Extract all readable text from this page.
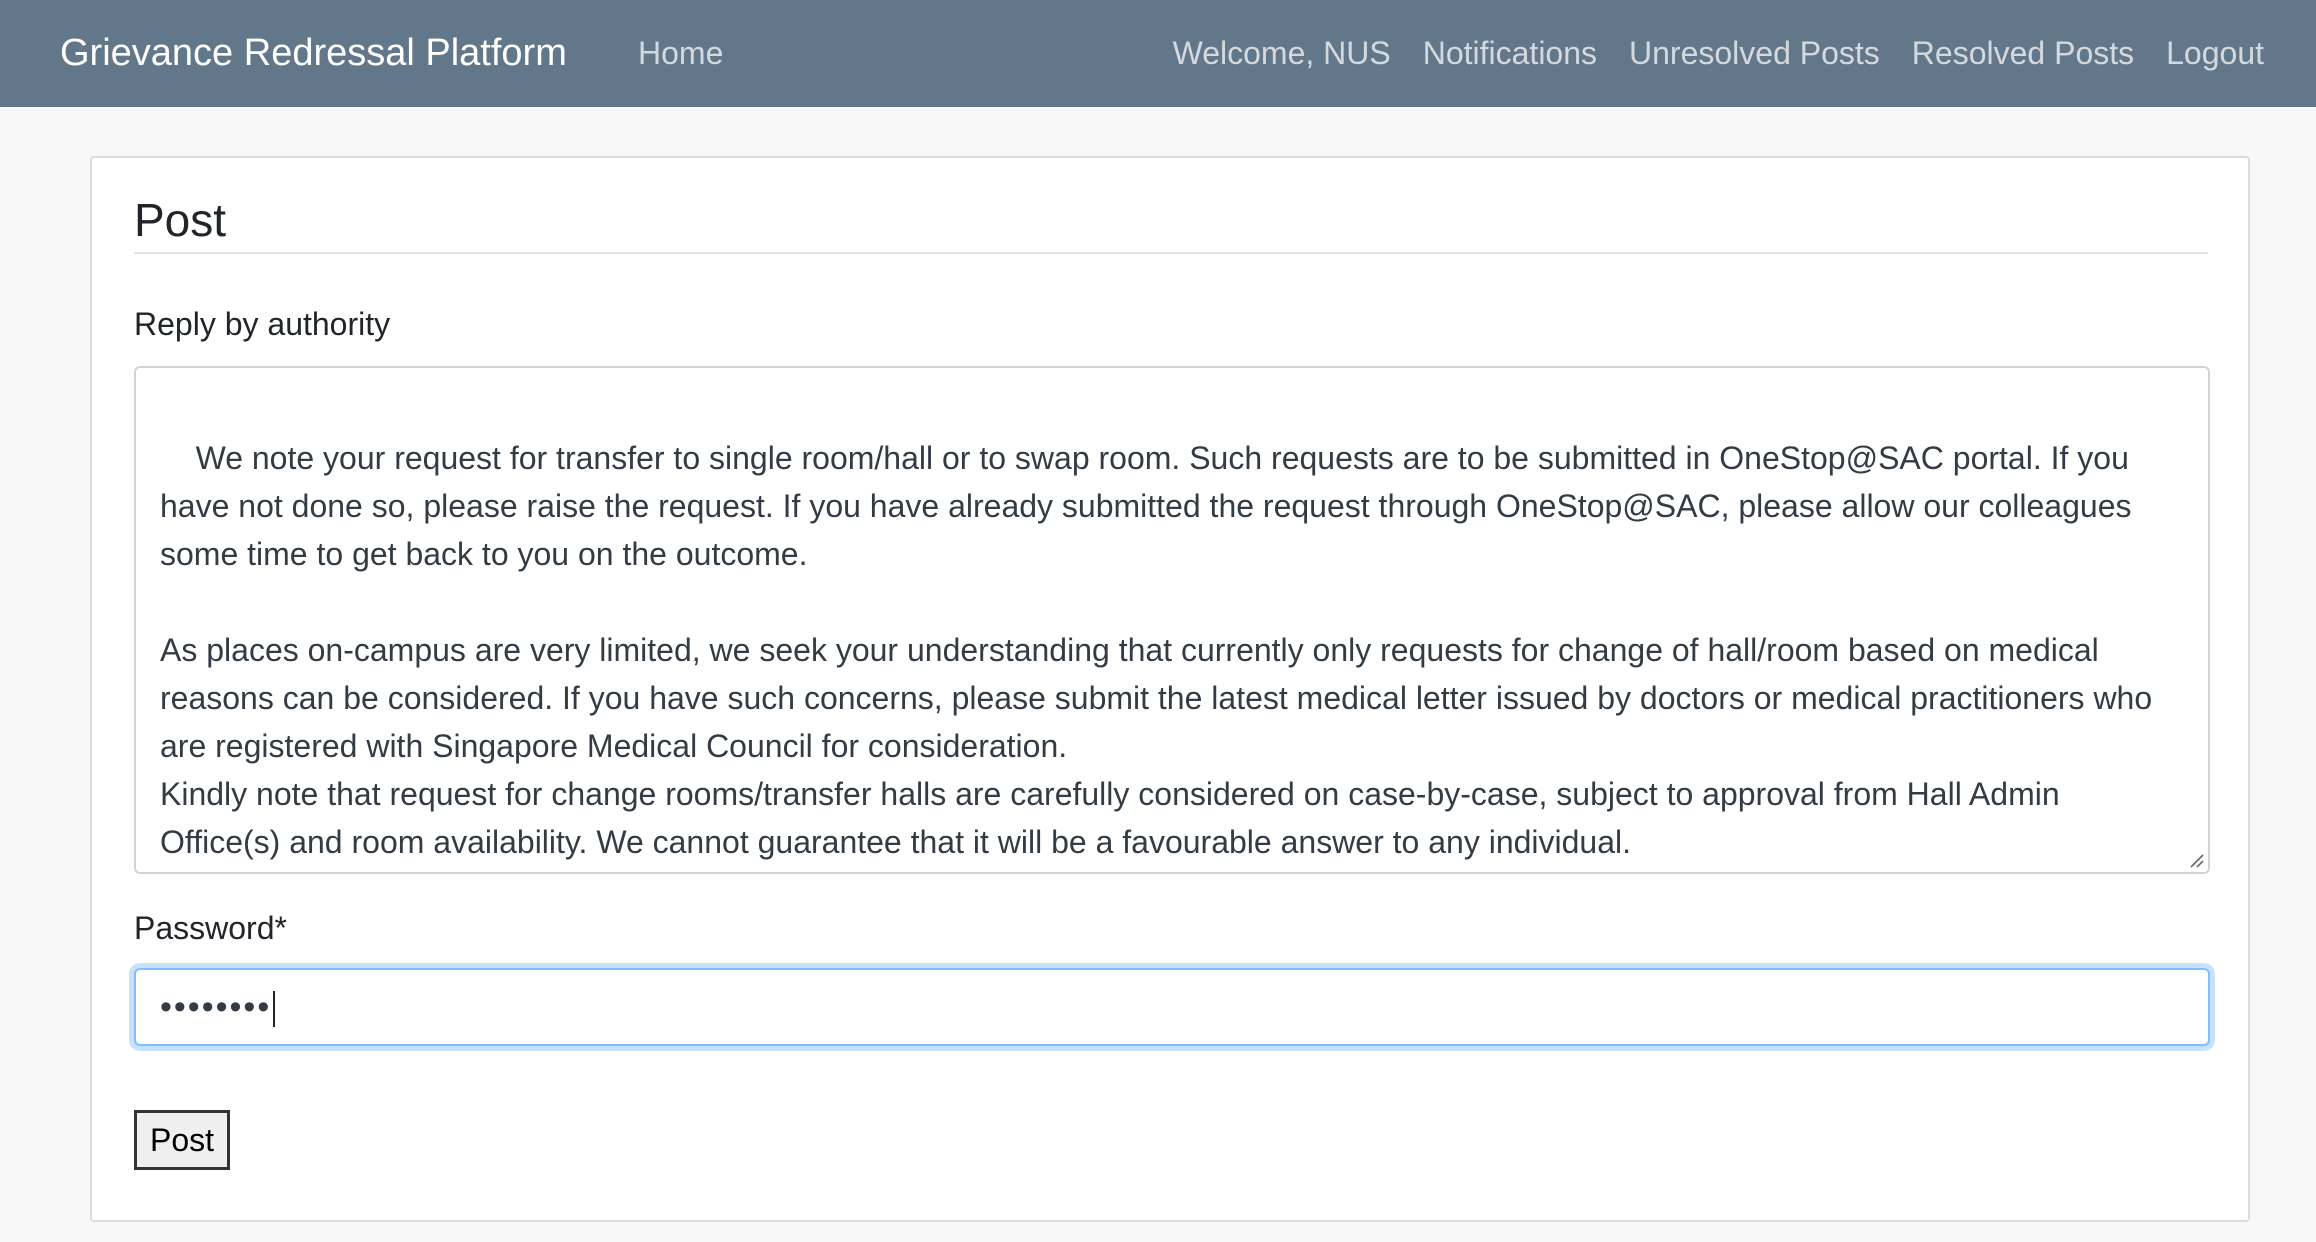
Grievance Redressal Platform Home	Welcome, NUS Notifications Unresolved Posts Resolved Posts Logout
Post
Reply by authority

We note your request for transfer to single room/hall or to swap room. Such requests are to be submitted in OneStop@SAC portal. If you have not done so, please raise the request. If you have already submitted the request through OneStop@SAC, please allow our colleagues some time to get back to you on the outcome.

As places on-campus are very limited, we seek your understanding that currently only requests for change of hall/room based on medical reasons can be considered. If you have such concerns, please submit the latest medical letter issued by doctors or medical practitioners who are registered with Singapore Medical Council for consideration.
Kindly note that request for change rooms/transfer halls are carefully considered on case-by-case, subject to approval from Hall Admin Office(s) and room availability. We cannot guarantee that it will be a favourable answer to any individual.

Password*
••••••••
Post
